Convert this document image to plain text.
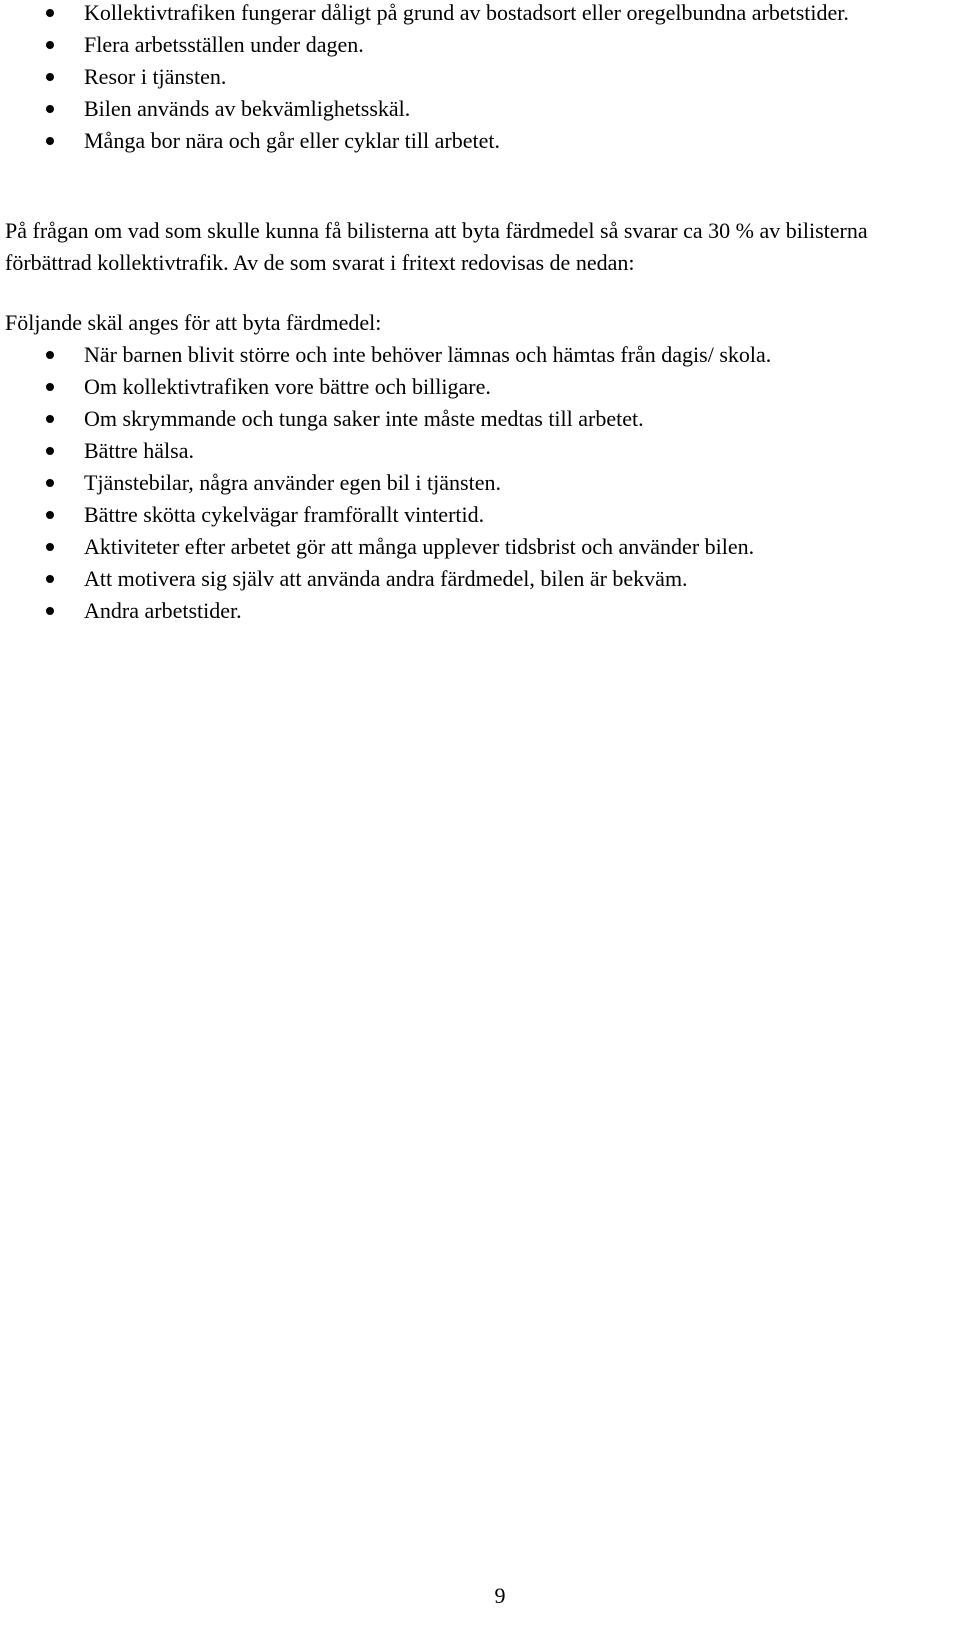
Kollektivtrafiken fungerar dåligt på grund av bostadsort eller oregelbundna arbetstider.
Flera arbetsställen under dagen.
Resor i tjänsten.
Bilen används av bekvämlighetsskäl.
Många bor nära och går eller cyklar till arbetet.

På frågan om vad som skulle kunna få bilisterna att byta färdmedel så svarar ca 30 % av bilisterna förbättrad kollektivtrafik. Av de som svarat i fritext redovisas de nedan:

Följande skäl anges för att byta färdmedel:

När barnen blivit större och inte behöver lämnas och hämtas från dagis/ skola.
Om kollektivtrafiken vore bättre och billigare.
Om skrymmande och tunga saker inte måste medtas till arbetet.
Bättre hälsa.
Tjänstebilar, några använder egen bil i tjänsten.
Bättre skötta cykelvägar framförallt vintertid.
Aktiviteter efter arbetet gör att många upplever tidsbrist och använder bilen.
Att motivera sig själv att använda andra färdmedel, bilen är bekväm.
Andra arbetstider.
9
